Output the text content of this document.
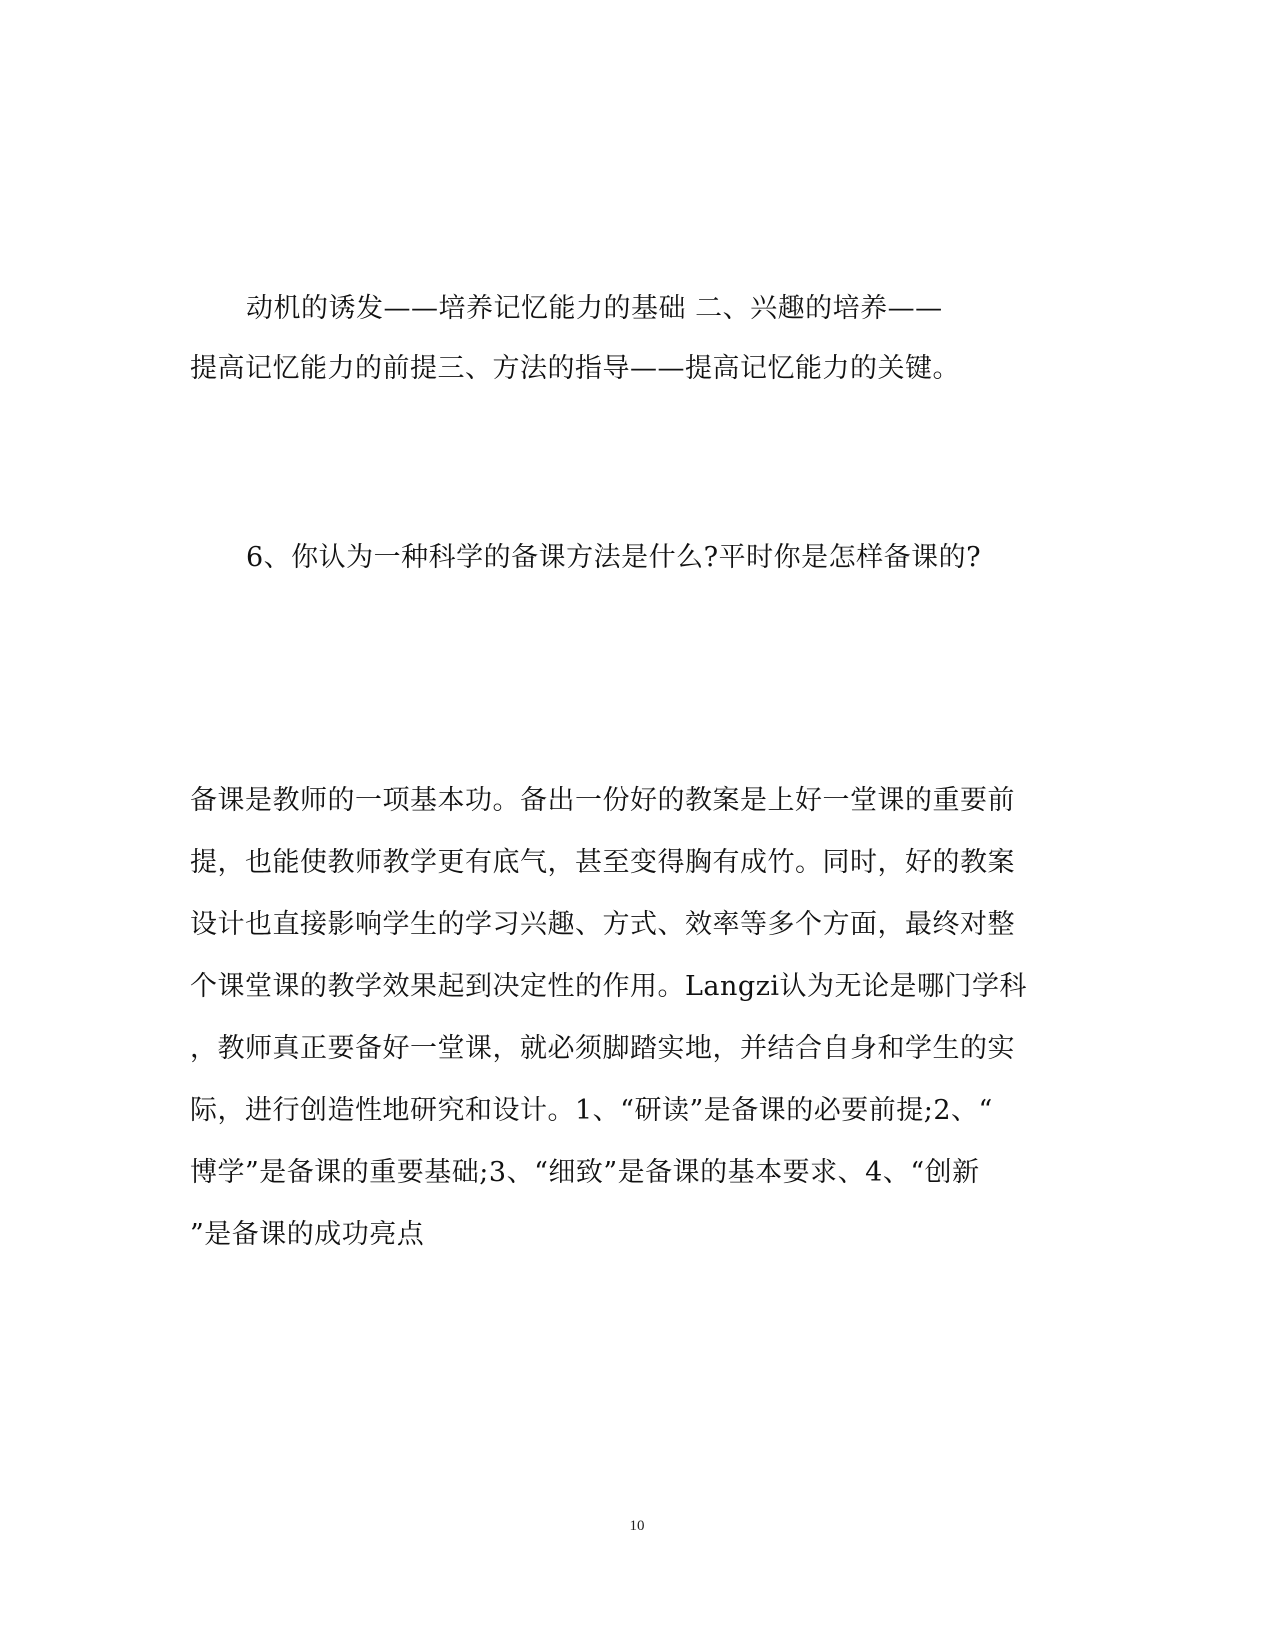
动机的诱发——培养记忆能力的基础 二、兴趣的培养——
提高记忆能力的前提三、方法的指导——提高记忆能力的关键。
6、你认为一种科学的备课方法是什么?平时你是怎样备课的?
备课是教师的一项基本功。备出一份好的教案是上好一堂课的重要前
提，也能使教师教学更有底气，甚至变得胸有成竹。同时，好的教案
设计也直接影响学生的学习兴趣、方式、效率等多个方面，最终对整
个课堂课的教学效果起到决定性的作用。Langzi认为无论是哪门学科
，教师真正要备好一堂课，就必须脚踏实地，并结合自身和学生的实
际，进行创造性地研究和设计。1、“研读”是备课的必要前提;2、“
博学”是备课的重要基础;3、“细致”是备课的基本要求、4、“创新
”是备课的成功亮点
10
